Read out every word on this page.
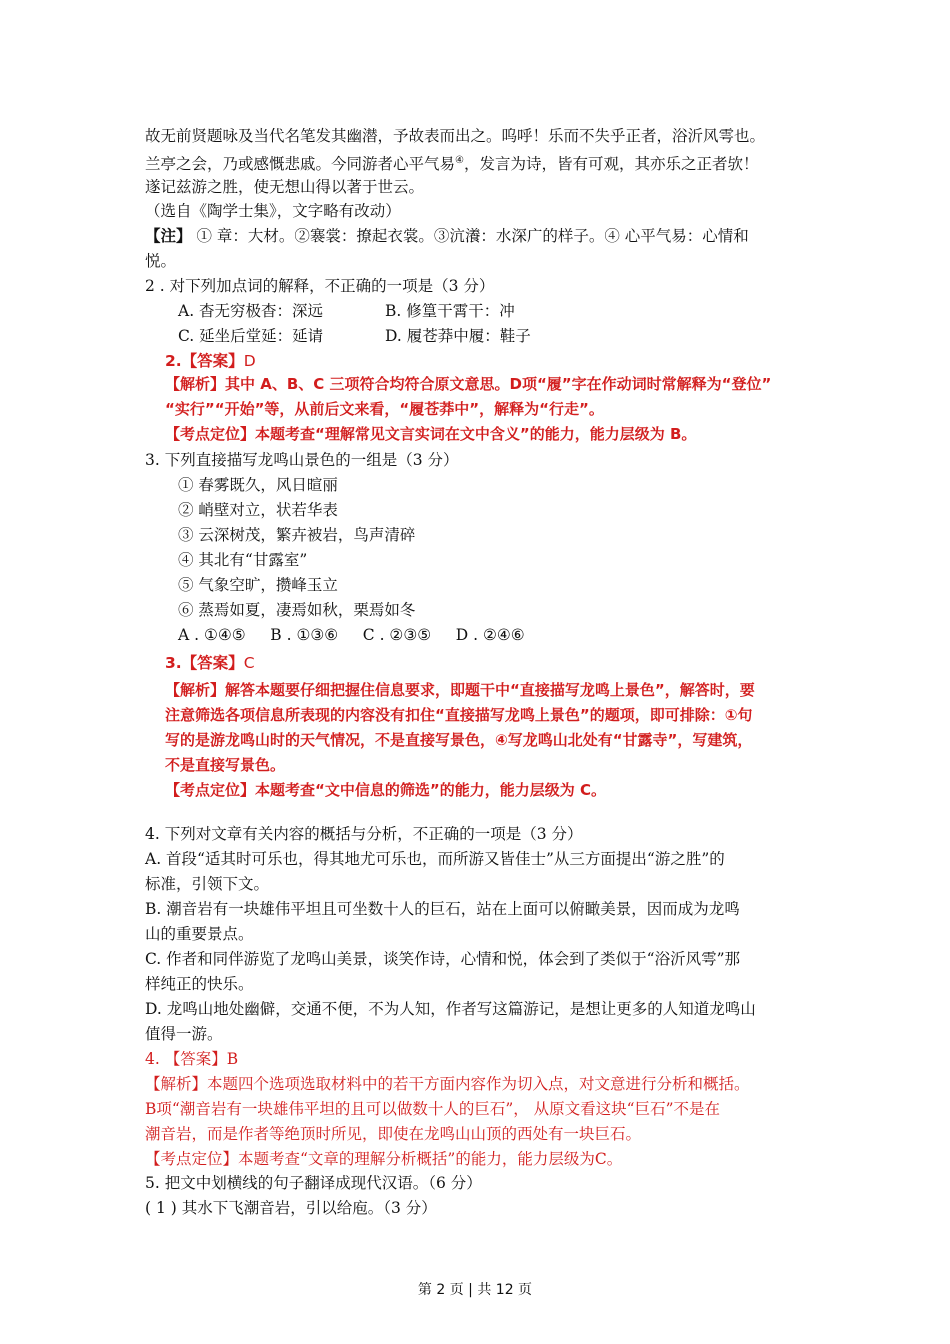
故无前贤题咏及当代名笔发其幽潜，予故表而出之。呜呼！乐而不失乎正者，浴沂风雩也。
兰亭之会，乃或感慨悲戚。今同游者心平气易④，发言为诗，皆有可观，其亦乐之正者欤！
遂记兹游之胜，使无想山得以著于世云。
（选自《陶学士集》，文字略有改动）
【注】 ① 章：大材。②褰裳：撩起衣裳。③沆瀁：水深广的样子。④ 心平气易：心情和
悦。
2 . 对下列加点词的解释，不正确的一项是（3 分）
A. 杳无穷极杳：深远	B. 修篁干霄干：冲
C. 延坐后堂延：延请	D. 履苍莽中履：鞋子
2.【答案】D
【解析】其中 A、B、C 三项符合均符合原文意思。D项“履”字在作动词时常解释为“登位”
“实行”“开始”等，从前后文来看，“履苍莽中”，解释为“行走”。
【考点定位】本题考查“理解常见文言实词在文中含义”的能力，能力层级为 B。
3. 下列直接描写龙鸣山景色的一组是（3 分）
① 春雾既久，风日暄丽
② 峭壁对立，状若华表
③ 云深树茂，繁卉被岩，鸟声清碎
④ 其北有“甘露室”
⑤ 气象空旷，攒峰玉立
⑥ 蒸焉如夏，凄焉如秋，栗焉如冬
A . ①④⑤     B . ①③⑥     C . ②③⑤     D . ②④⑥
3.【答案】C
【解析】解答本题要仔细把握住信息要求，即题干中“直接描写龙鸣上景色”，解答时，要
注意筛选各项信息所表现的内容没有扣住“直接描写龙鸣上景色”的题项，即可排除：①句
写的是游龙鸣山时的天气情况，不是直接写景色，④写龙鸣山北处有“甘露寺”，写建筑，
不是直接写景色。
【考点定位】本题考查“文中信息的筛选”的能力，能力层级为 C。
4. 下列对文章有关内容的概括与分析，不正确的一项是（3 分）
A. 首段“适其时可乐也，得其地尤可乐也，而所游又皆佳士”从三方面提出“游之胜”的
标准，引领下文。
B. 潮音岩有一块雄伟平坦且可坐数十人的巨石，站在上面可以俯瞰美景，因而成为龙鸣
山的重要景点。
C. 作者和同伴游览了龙鸣山美景，谈笑作诗，心情和悦，体会到了类似于“浴沂风雩”那
样纯正的快乐。
D. 龙鸣山地处幽僻，交通不便，不为人知，作者写这篇游记，是想让更多的人知道龙鸣山
值得一游。
4. 【答案】B
【解析】本题四个选项选取材料中的若干方面内容作为切入点，对文意进行分析和概括。
B项“潮音岩有一块雄伟平坦的且可以做数十人的巨石”， 从原文看这块“巨石”不是在
潮音岩，而是作者等绝顶时所见，即使在龙鸣山山顶的西处有一块巨石。
【考点定位】本题考查“文章的理解分析概括”的能力，能力层级为C。
5. 把文中划横线的句子翻译成现代汉语。（6 分）
( 1 ) 其水下飞潮音岩，引以给庖。（3 分）
第 2 页 | 共 12 页
